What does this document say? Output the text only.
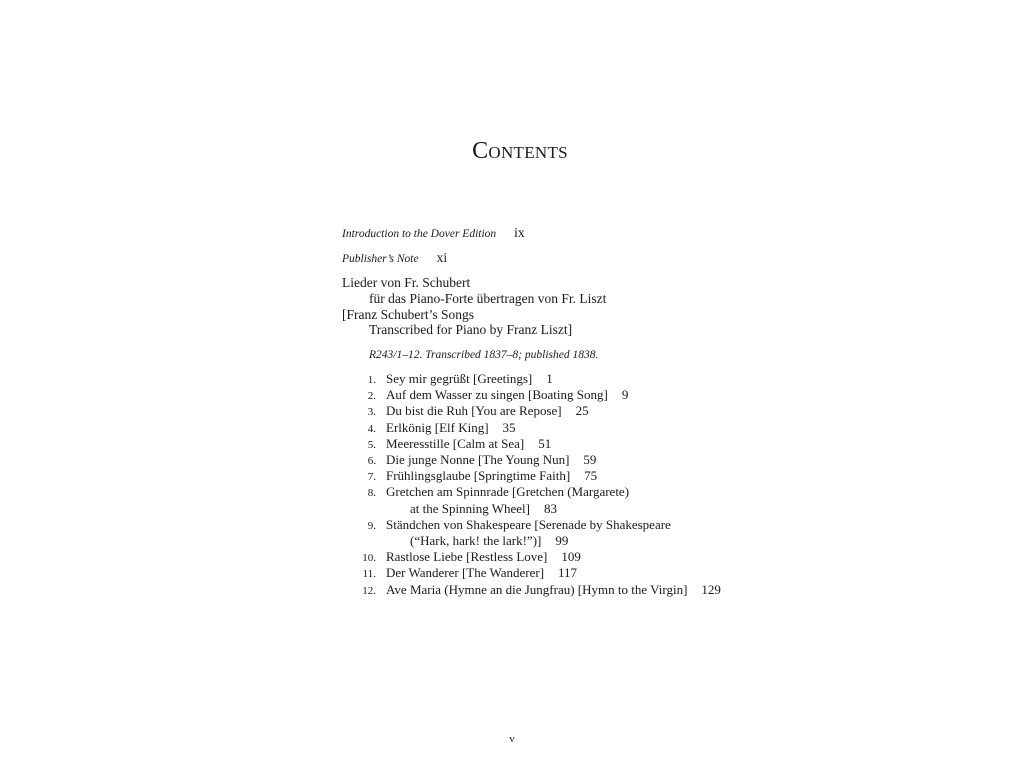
Contents
Introduction to the Dover Edition ix
Publisher’s Note xi
Lieder von Fr. Schubert
für das Piano-Forte übertragen von Fr. Liszt
[Franz Schubert’s Songs
Transcribed for Piano by Franz Liszt]
R243/1–12. Transcribed 1837–8; published 1838.
1. Sey mir gegrüßt [Greetings] 1
2. Auf dem Wasser zu singen [Boating Song] 9
3. Du bist die Ruh [You are Repose] 25
4. Erlkönig [Elf King] 35
5. Meeresstille [Calm at Sea] 51
6. Die junge Nonne [The Young Nun] 59
7. Frühlingsglaube [Springtime Faith] 75
8. Gretchen am Spinnrade [Gretchen (Margarete)
at the Spinning Wheel] 83
9. Ständchen von Shakespeare [Serenade by Shakespeare
(“Hark, hark! the lark!”)] 99
10. Rastlose Liebe [Restless Love] 109
11. Der Wanderer [The Wanderer] 117
12. Ave Maria (Hymne an die Jungfrau) [Hymn to the Virgin] 129
v
